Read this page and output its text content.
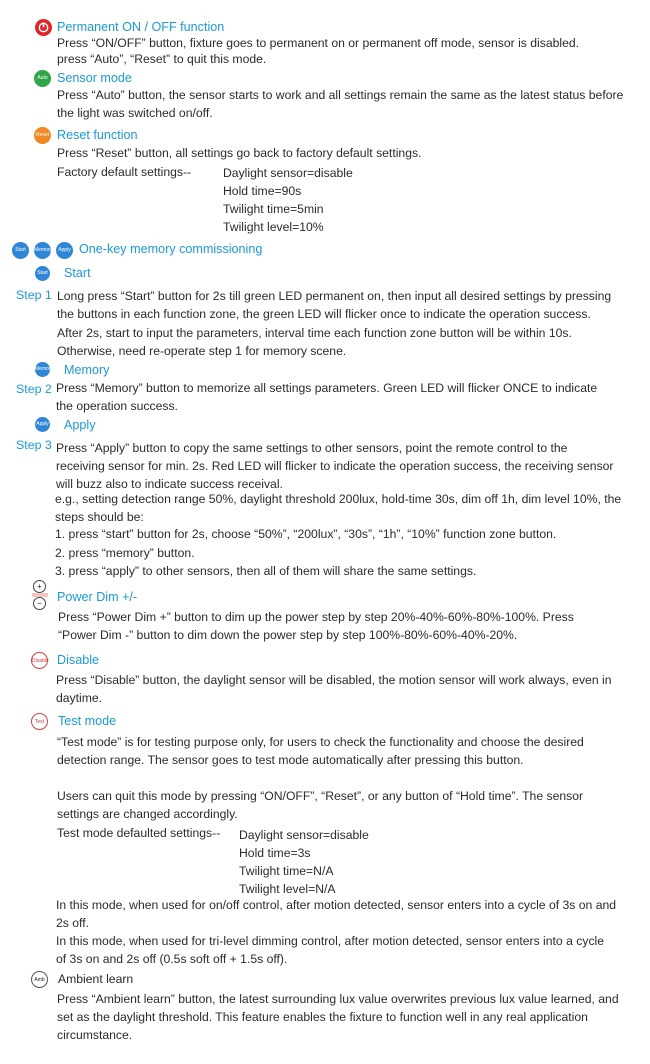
Permanent ON / OFF function
Press “ON/OFF” button, fixture goes to permanent on or permanent off mode, sensor is disabled.
press “Auto”, “Reset” to quit this mode.
Auto Sensor mode
Press “Auto” button, the sensor starts to work and all settings remain the same as the latest status before
the light was switched on/off.
Reset Reset function
Press “Reset” button, all settings go back to factory default settings.
Factory default settings--	Daylight sensor=disable
Hold time=90s
Twilight time=5min
Twilight level=10%
Start	Memory	Apply One-key memory commissioning
Start Start
Step 1 Long press “Start” button for 2s till green LED permanent on, then input all desired settings by pressing
the buttons in each function zone, the green LED will flicker once to indicate the operation success.
After 2s, start to input the parameters, interval time each function zone button will be within 10s.
Otherwise, need re-operate step 1 for memory scene.
Memory Memory
Step 2 Press “Memory” button to memorize all settings parameters. Green LED will flicker ONCE to indicate
the operation success.
Apply Apply
Step 3 Press “Apply” button to copy the same settings to other sensors, point the remote control to the
receiving sensor for min. 2s. Red LED will flicker to indicate the operation success, the receiving sensor
will buzz also to indicate success receival.
e.g., setting detection range 50%, daylight threshold 200lux, hold-time 30s, dim off 1h, dim level 10%, the
steps should be:
1. press “start” button for 2s, choose “50%”, “200lux”, “30s”, “1h”, “10%” function zone button.
2. press “memory” button.
3. press “apply” to other sensors, then all of them will share the same settings.
+
−	Power Dim +/-
Press “Power Dim +” button to dim up the power step by step 20%-40%-60%-80%-100%. Press
“Power Dim -” button to dim down the power step by step 100%-80%-60%-40%-20%.
Disable Disable
Press “Disable” button, the daylight sensor will be disabled, the motion sensor will work always, even in
daytime.
Test	Test mode
“Test mode” is for testing purpose only, for users to check the functionality and choose the desired
detection range. The sensor goes to test mode automatically after pressing this button.
Users can quit this mode by pressing “ON/OFF”, “Reset”, or any button of “Hold time”. The sensor
settings are changed accordingly.
Test mode defaulted settings-- Daylight sensor=disable
Hold time=3s
Twilight time=N/A
Twilight level=N/A
In this mode, when used for on/off control, after motion detected, sensor enters into a cycle of 3s on and
2s off.
In this mode, when used for tri-level dimming control, after motion detected, sensor enters into a cycle
of 3s on and 2s off (0.5s soft off + 1.5s off).
Amb Ambient learn
Press “Ambient learn” button, the latest surrounding lux value overwrites previous lux value learned, and
set as the daylight threshold. This feature enables the fixture to function well in any real application
circumstance.
